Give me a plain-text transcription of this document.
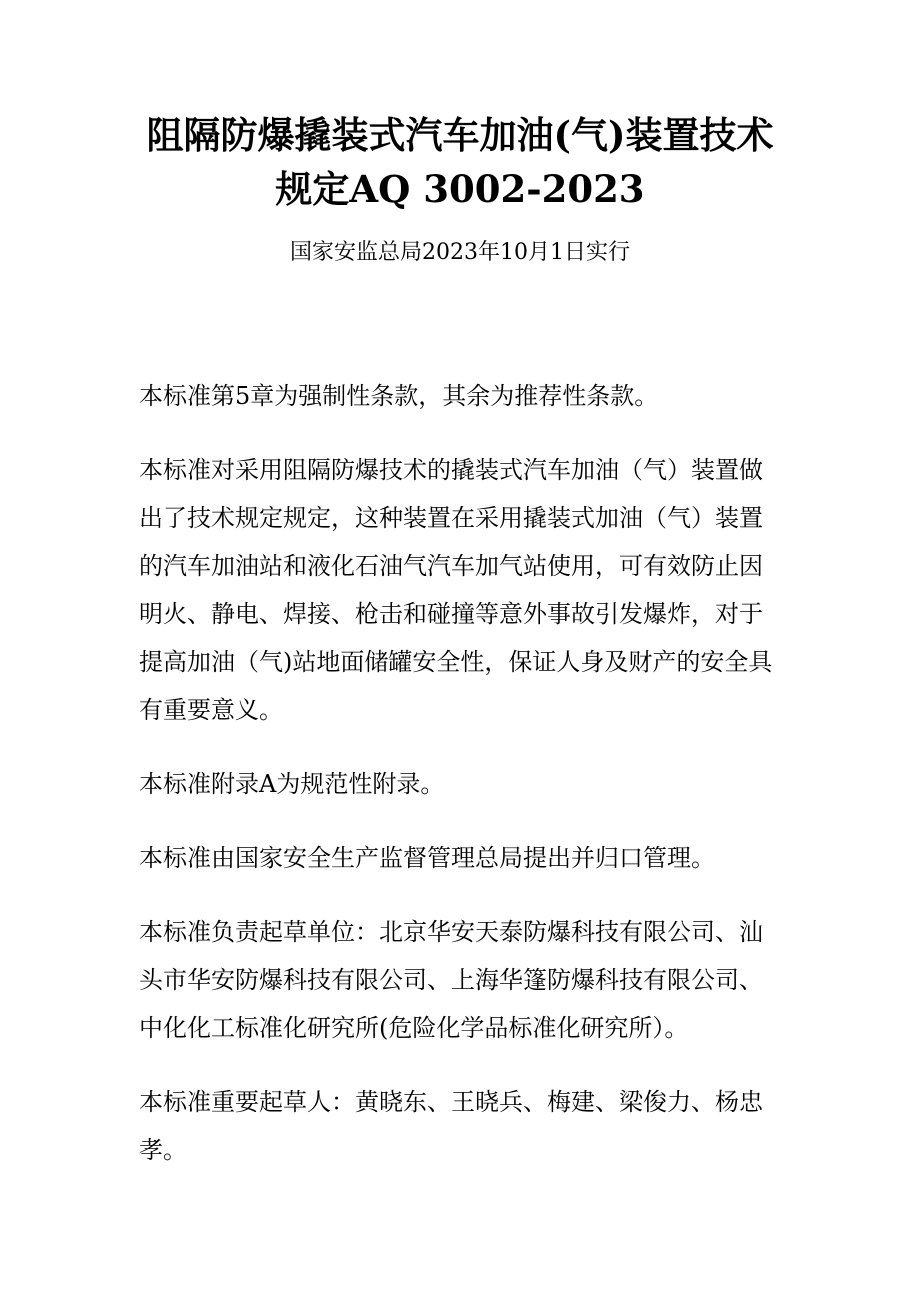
阻隔防爆撬装式汽车加油(气)装置技术
规定AQ 3002-2023

国家安监总局2023年10月1日实行

本标准第5章为强制性条款，其余为推荐性条款。

本标准对采用阻隔防爆技术的撬装式汽车加油（气）装置做出了技术规定规定，这种装置在采用撬装式加油（气）装置的汽车加油站和液化石油气汽车加气站使用，可有效防止因明火、静电、焊接、枪击和碰撞等意外事故引发爆炸，对于提高加油（气)站地面储罐安全性，保证人身及财产的安全具有重要意义。

本标准附录A为规范性附录。

本标准由国家安全生产监督管理总局提出并归口管理。

本标准负责起草单位：北京华安天泰防爆科技有限公司、汕头市华安防爆科技有限公司、上海华篷防爆科技有限公司、中化化工标准化研究所(危险化学品标准化研究所）。

本标准重要起草人：黄晓东、王晓兵、梅建、梁俊力、杨忠孝。
